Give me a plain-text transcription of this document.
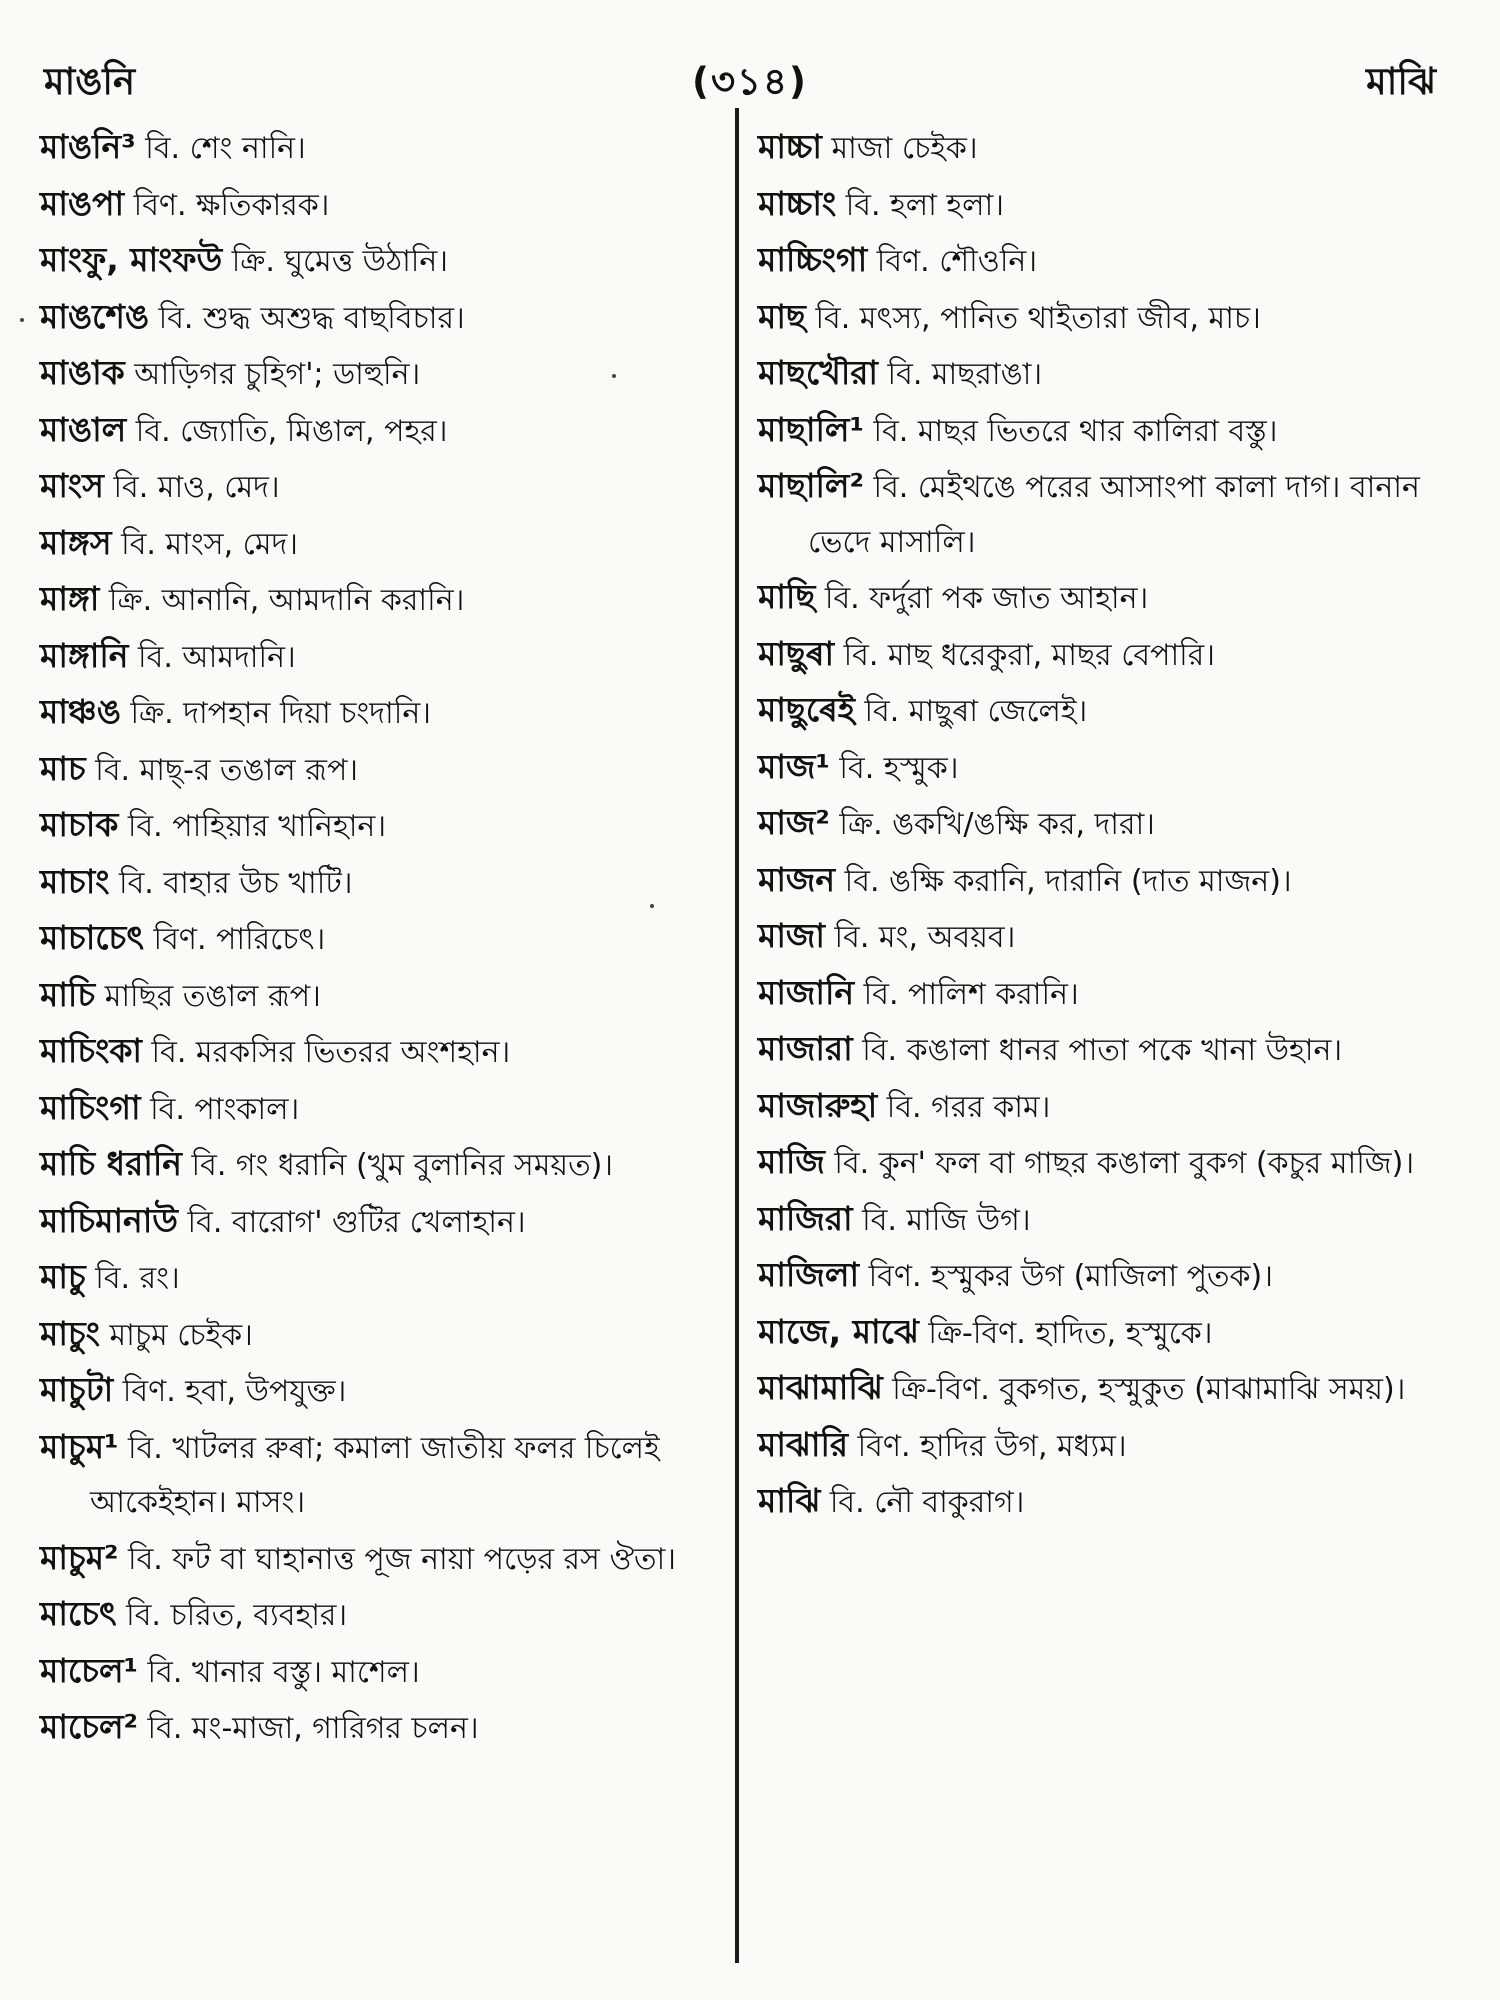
মাঙনি	(৩১৪)	মাঝি
মাঙনি³ বি. শেং নানি।
মাঙপা বিণ. ক্ষতিকারক।
মাংফু, মাংফউ ক্রি. ঘুমেত্ত উঠানি।
মাঙশেঙ বি. শুদ্ধ অশুদ্ধ বাছবিচার।
মাঙাক আড়িগর চুহিগ'; ডাহুনি।
মাঙাল বি. জ্যোতি, মিঙাল, পহর।
মাংস বি. মাও, মেদ।
মাঙ্গস বি. মাংস, মেদ।
মাঙ্গা ক্রি. আনানি, আমদানি করানি।
মাঙ্গানি বি. আমদানি।
মাঞ্চঙ ক্রি. দাপহান দিয়া চংদানি।
মাচ বি. মাছ্-র তঙাল রূপ।
মাচাক বি. পাহিয়ার খানিহান।
মাচাং বি. বাহার উচ খাটি।
মাচাচেৎ বিণ. পারিচেৎ।
মাচি মাছির তঙাল রূপ।
মাচিংকা বি. মরকসির ভিতরর অংশহান।
মাচিংগা বি. পাংকাল।
মাচি ধরানি বি. গং ধরানি (খুম বুলানির সময়ত)।
মাচিমানাউ বি. বারোগ' গুটির খেলাহান।
মাচু বি. রং।
মাচুং মাচুম চেইক।
মাচুটা বিণ. হবা, উপযুক্ত।
মাচুম¹ বি. খাটলর রুৰা; কমালা জাতীয় ফলর চিলেই আকেইহান। মাসং।
মাচুম² বি. ফট বা ঘাহানাত্ত পূজ নায়া পড়ের রস ঔতা।
মাচেৎ বি. চরিত, ব্যবহার।
মাচেল¹ বি. খানার বস্তু। মাশেল।
মাচেল² বি. মং-মাজা, গারিগর চলন।
মাচ্চা মাজা চেইক।
মাচ্চাং বি. হলা হলা।
মাচ্চিংগা বিণ. শৌওনি।
মাছ বি. মৎস্য, পানিত থাইতারা জীব, মাচ।
মাছখৌরা বি. মাছরাঙা।
মাছালি¹ বি. মাছর ভিতরে থার কালিরা বস্তু।
মাছালি² বি. মেইথঙে পরের আসাংপা কালা দাগ। বানান ভেদে মাসালি।
মাছি বি. ফর্দুরা পক জাত আহান।
মাছুৰা বি. মাছ ধরেকুরা, মাছর বেপারি।
মাছুৰেই বি. মাছুৰা জেলেই।
মাজ¹ বি. হস্মুক।
মাজ² ক্রি. ঙকখি/ঙক্ষি কর, দারা।
মাজন বি. ঙক্ষি করানি, দারানি (দাত মাজন)।
মাজা বি. মং, অবয়ব।
মাজানি বি. পালিশ করানি।
মাজারা বি. কঙালা ধানর পাতা পকে খানা উহান।
মাজারুহা বি. গরর কাম।
মাজি বি. কুন' ফল বা গাছর কঙালা বুকগ (কচুর মাজি)।
মাজিরা বি. মাজি উগ।
মাজিলা বিণ. হস্মুকর উগ (মাজিলা পুতক)।
মাজে, মাঝে ক্রি-বিণ. হাদিত, হস্মুকে।
মাঝামাঝি ক্রি-বিণ. বুকগত, হস্মুকুত (মাঝামাঝি সময়)।
মাঝারি বিণ. হাদির উগ, মধ্যম।
মাঝি বি. নৌ বাকুরাগ।
